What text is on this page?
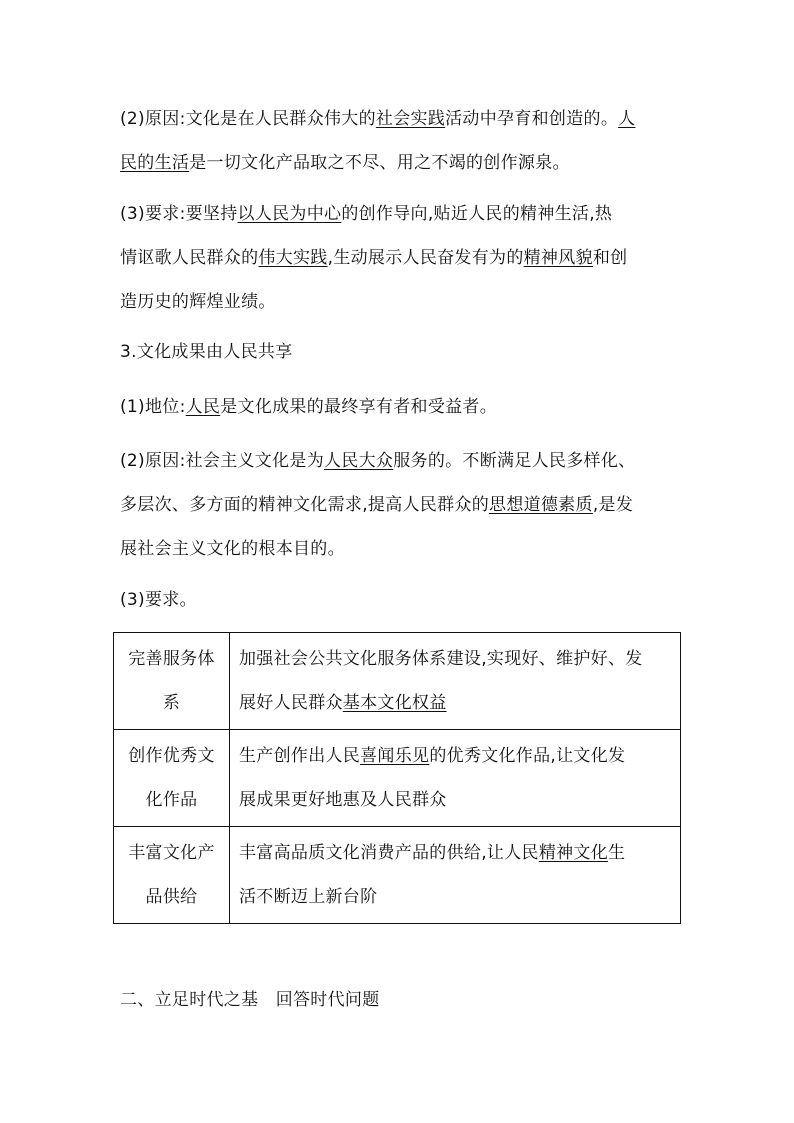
(2)原因:文化是在人民群众伟大的社会实践活动中孕育和创造的。人
民的生活是一切文化产品取之不尽、用之不竭的创作源泉。
(3)要求:要坚持以人民为中心的创作导向,贴近人民的精神生活,热
情讴歌人民群众的伟大实践,生动展示人民奋发有为的精神风貌和创
造历史的辉煌业绩。
3.文化成果由人民共享
(1)地位:人民是文化成果的最终享有者和受益者。
(2)原因:社会主义文化是为人民大众服务的。不断满足人民多样化、
多层次、多方面的精神文化需求,提高人民群众的思想道德素质,是发
展社会主义文化的根本目的。
(3)要求。
完善服务体
系	加强社会公共文化服务体系建设,实现好、维护好、发
展好人民群众基本文化权益

创作优秀文
化作品	生产创作出人民喜闻乐见的优秀文化作品,让文化发
展成果更好地惠及人民群众

丰富文化产
品供给	丰富高品质文化消费产品的供给,让人民精神文化生
活不断迈上新台阶
二、立足时代之基　回答时代问题
